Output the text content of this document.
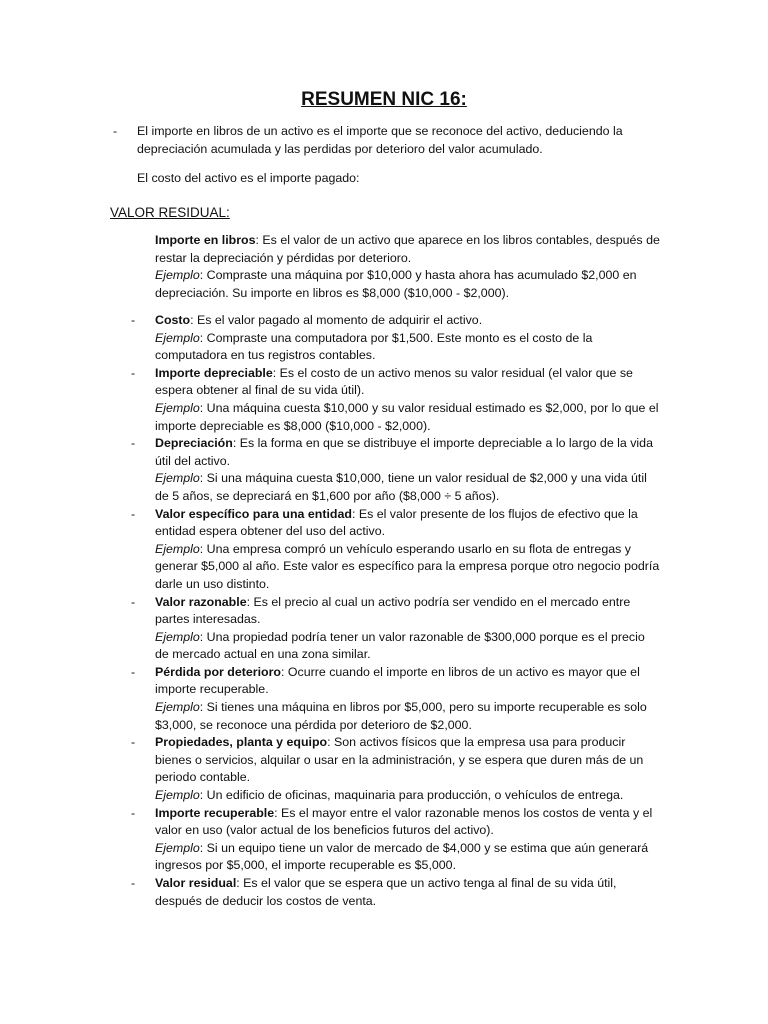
RESUMEN NIC 16:
- El importe en libros de un activo es el importe que se reconoce del activo, deduciendo la depreciación acumulada y las perdidas por deterioro del valor acumulado.

El costo del activo es el importe pagado:

VALOR RESIDUAL:

Importe en libros: Es el valor de un activo que aparece en los libros contables, después de restar la depreciación y pérdidas por deterioro.

Ejemplo: Compraste una máquina por $10,000 y hasta ahora has acumulado $2,000 en depreciación. Su importe en libros es $8,000 ($10,000 - $2,000).

- Costo: Es el valor pagado al momento de adquirir el activo.

Ejemplo: Compraste una computadora por $1,500. Este monto es el costo de la computadora en tus registros contables.

- Importe depreciable: Es el costo de un activo menos su valor residual (el valor que se espera obtener al final de su vida útil).

Ejemplo: Una máquina cuesta $10,000 y su valor residual estimado es $2,000, por lo que el importe depreciable es $8,000 ($10,000 - $2,000).

- Depreciación: Es la forma en que se distribuye el importe depreciable a lo largo de la vida útil del activo.

Ejemplo: Si una máquina cuesta $10,000, tiene un valor residual de $2,000 y una vida útil de 5 años, se depreciará en $1,600 por año ($8,000 ÷ 5 años).

- Valor específico para una entidad: Es el valor presente de los flujos de efectivo que la entidad espera obtener del uso del activo.

Ejemplo: Una empresa compró un vehículo esperando usarlo en su flota de entregas y generar $5,000 al año. Este valor es específico para la empresa porque otro negocio podría darle un uso distinto.

- Valor razonable: Es el precio al cual un activo podría ser vendido en el mercado entre partes interesadas.

Ejemplo: Una propiedad podría tener un valor razonable de $300,000 porque es el precio de mercado actual en una zona similar.

- Pérdida por deterioro: Ocurre cuando el importe en libros de un activo es mayor que el importe recuperable.

Ejemplo: Si tienes una máquina en libros por $5,000, pero su importe recuperable es solo $3,000, se reconoce una pérdida por deterioro de $2,000.

- Propiedades, planta y equipo: Son activos físicos que la empresa usa para producir bienes o servicios, alquilar o usar en la administración, y se espera que duren más de un periodo contable.

Ejemplo: Un edificio de oficinas, maquinaria para producción, o vehículos de entrega.

- Importe recuperable: Es el mayor entre el valor razonable menos los costos de venta y el valor en uso (valor actual de los beneficios futuros del activo).

Ejemplo: Si un equipo tiene un valor de mercado de $4,000 y se estima que aún generará ingresos por $5,000, el importe recuperable es $5,000.

- Valor residual: Es el valor que se espera que un activo tenga al final de su vida útil, después de deducir los costos de venta.
